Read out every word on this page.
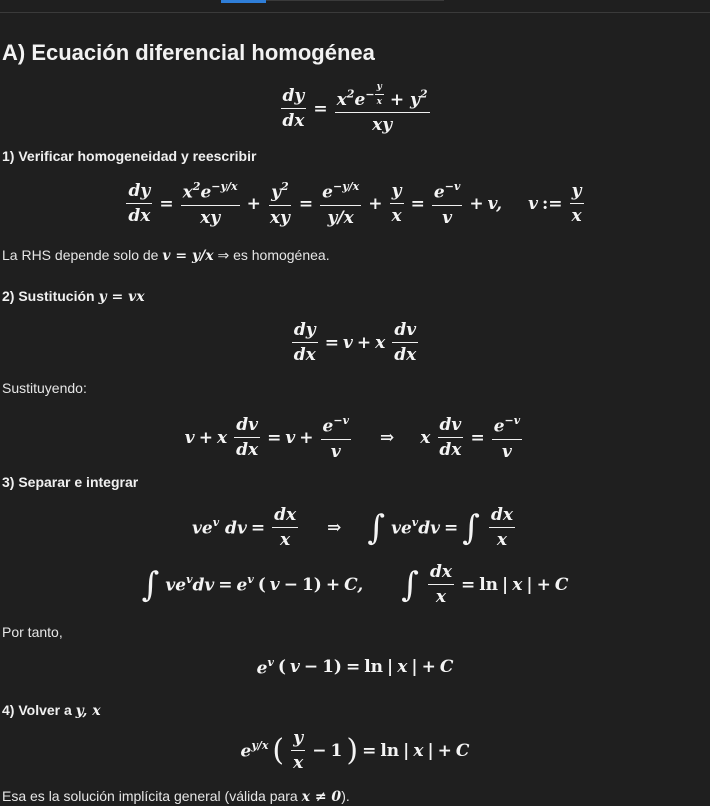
A) Ecuación diferencial homogénea
$\frac{dy}{dx} = x^2e^{- \frac{y}{x}} + y^2$
xy
1) Verificar homogeneidad y reescribir
$\frac{dy}{dx} = \frac{x^2e^{-y/x}}{xy} + \frac{y^2}{xy} = \frac{e^{-y/x}}{y/x} + \frac{y}{x} = \frac{e^{-v}}{v} + v$, v := $\frac{y}{x}$
La RHS depende solo de v = y/x ⇒ es homogénea.
2) Sustitución y = vx
$\frac{dy}{dx} = v + x \frac{dv}{dx}$
Sustituyendo:
v + x $\frac{dv}{dx} = v + \frac{e^{-v}}{v}$ ⇒ x $\frac{dv}{dx} = \frac{e^{-v}}{v}$
3) Separar e integrar
$ve^v$ dv = $\frac{dx}{x}$ ⇒ ∫ $ve^vdv$ = ∫ $\frac{dx}{x}$
∫ $ve^vdv = e^v$ ( v − 1) + C, ∫ $\frac{dx}{x} = \ln$ | x | + C
Por tanto,
$e^v$ ( v − 1) = ln | x | + C
4) Volver a y, x
$e^{y/x}$ ( $\frac{y}{x} - 1$ ) = ln | x | + C
Esa es la solución implícita general (válida para x ≠ 0).
